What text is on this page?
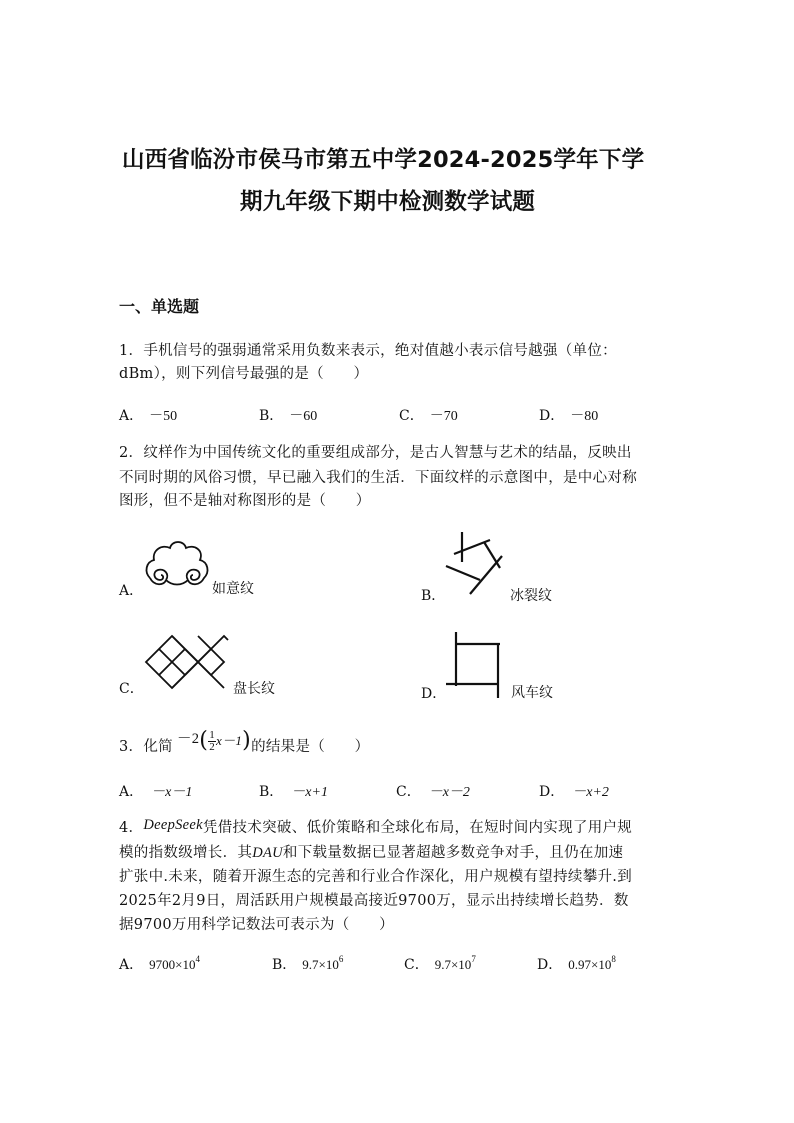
山西省临汾市侯马市第五中学2024-2025学年下学
期九年级下期中检测数学试题
一、单选题
1．手机信号的强弱通常采用负数来表示，绝对值越小表示信号越强（单位：
dBm），则下列信号最强的是（　　）
A． －50	B． －60	C． －70	D． －80
2．纹样作为中国传统文化的重要组成部分，是古人智慧与艺术的结晶，反映出
不同时期的风俗习惯，早已融入我们的生活．下面纹样的示意图中，是中心对称
图形，但不是轴对称图形的是（　　）
A．	如意纹	B．	冰裂纹
C．	盘长纹	D．	风车纹
3．化简 $-2( \frac{1}{2} x-1)$的结果是（　　）
A． －x－1	B． －x+1	C． －x－2	D． －x+2
4．DeepSeek凭借技术突破、低价策略和全球化布局，在短时间内实现了用户规
模的指数级增长．其DAU和下载量数据已显著超越多数竞争对手，且仍在加速
扩张中.未来，随着开源生态的完善和行业合作深化，用户规模有望持续攀升.到
2025年2月9日，周活跃用户规模最高接近9700万，显示出持续增长趋势．数
据9700万用科学记数法可表示为（　　）
A． $9700\times 10^4$	B． $9.7\times 10^6$	C． $9.7\times 10^7$	D． $0.97\times 10^8$
